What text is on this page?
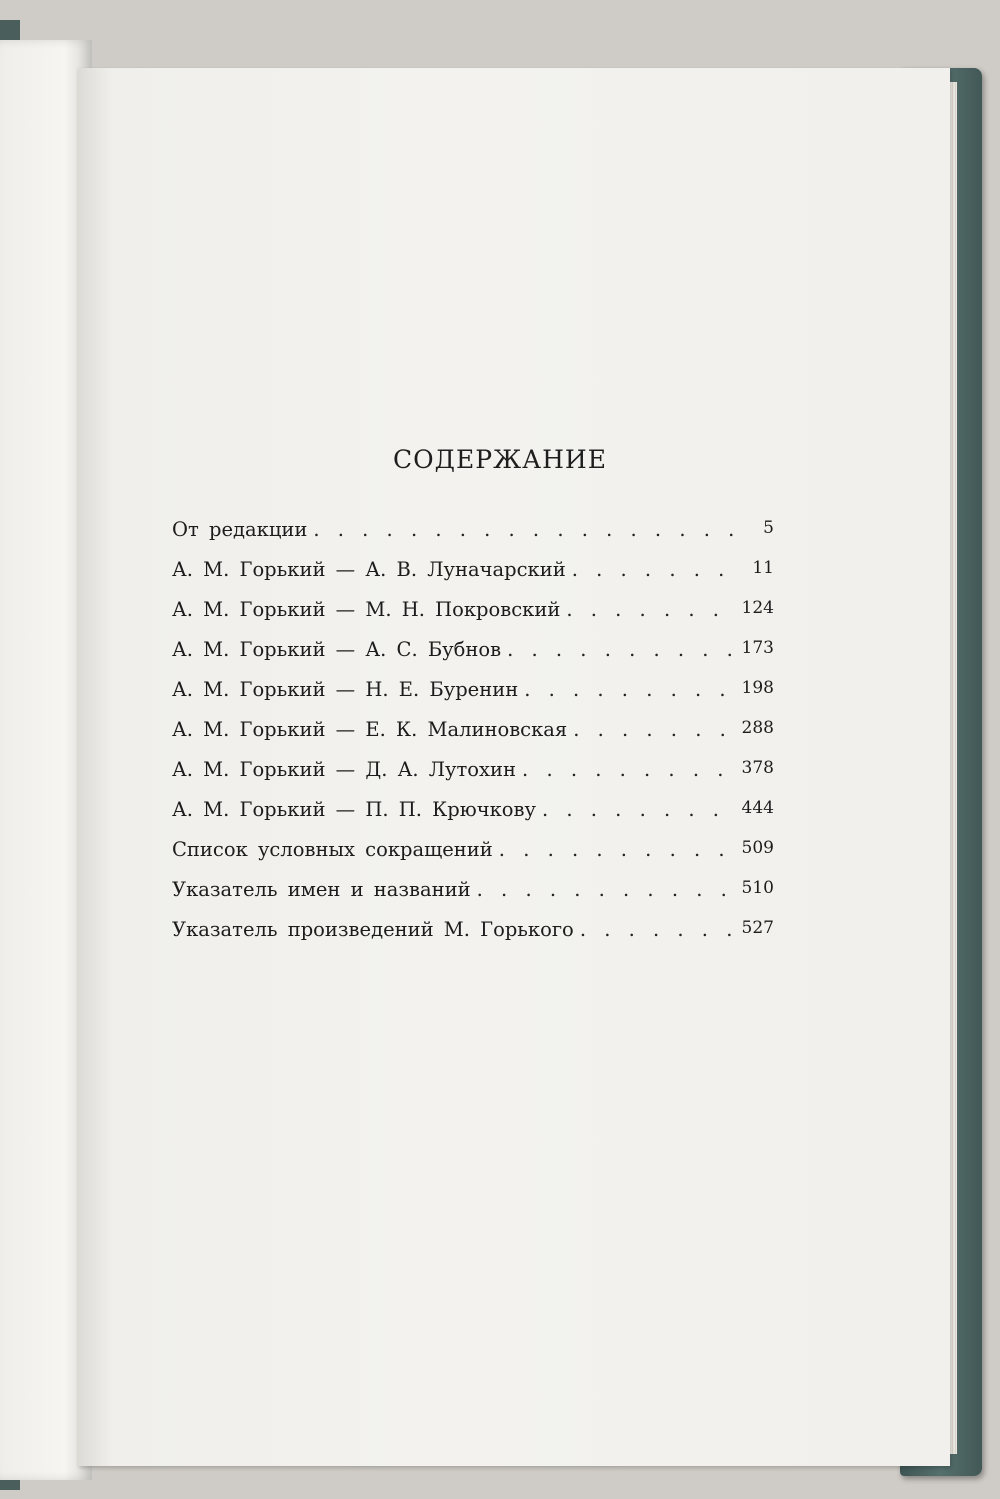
СОДЕРЖАНИЕ
От редакции . . .	5
А. М. Горький — А. В. Луначарский . . .	11
А. М. Горький — М. Н. Покровский . . .	124
А. М. Горький — А. С. Бубнов . . .	173
А. М. Горький — Н. Е. Буренин . . .	198
А. М. Горький — Е. К. Малиновская . . .	288
А. М. Горький — Д. А. Лутохин . . .	378
А. М. Горький — П. П. Крючкову . . .	444
Список условных сокращений . . .	509
Указатель имен и названий . . .	510
Указатель произведений М. Горького . . .	527
